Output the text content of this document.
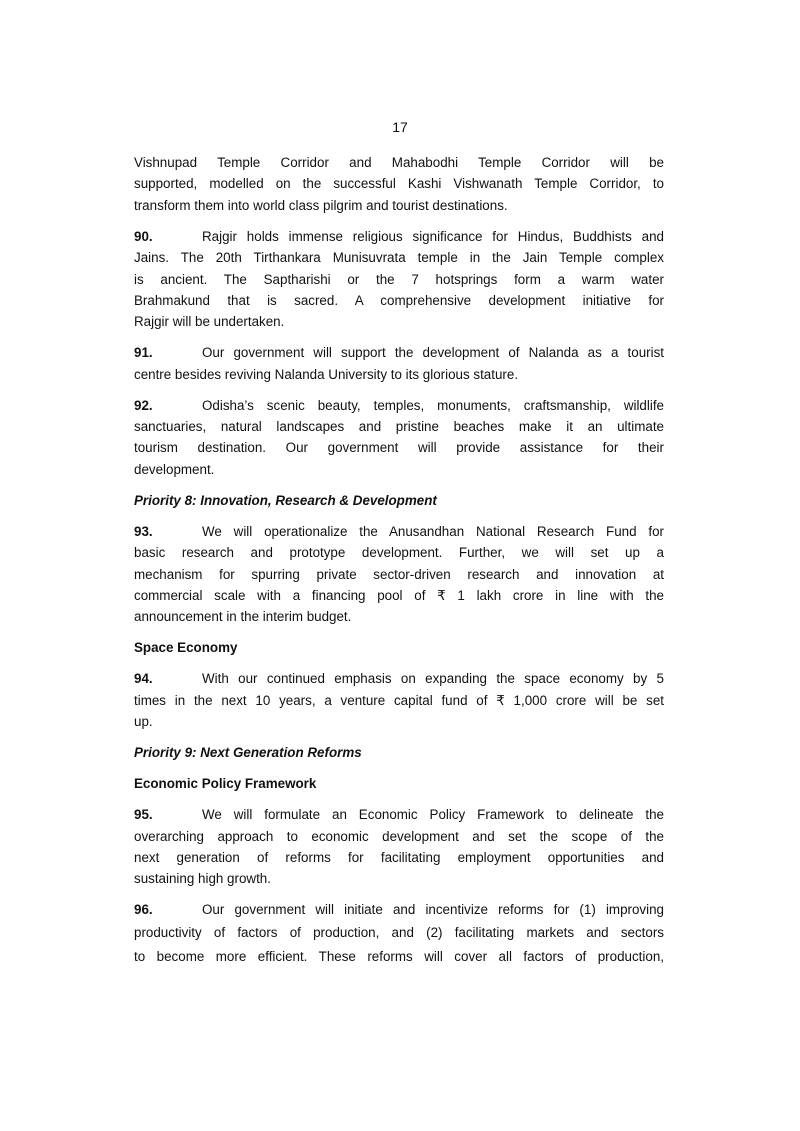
17
Vishnupad Temple Corridor and Mahabodhi Temple Corridor will be
supported, modelled on the successful Kashi Vishwanath Temple Corridor, to
transform them into world class pilgrim and tourist destinations.
90.	Rajgir holds immense religious significance for Hindus, Buddhists and
Jains. The 20th Tirthankara Munisuvrata temple in the Jain Temple complex
is ancient. The Saptharishi or the 7 hotsprings form a warm water
Brahmakund that is sacred. A comprehensive development initiative for
Rajgir will be undertaken.
91.	Our government will support the development of Nalanda as a tourist
centre besides reviving Nalanda University to its glorious stature.
92.	Odisha’s scenic beauty, temples, monuments, craftsmanship, wildlife
sanctuaries, natural landscapes and pristine beaches make it an ultimate
tourism destination. Our government will provide assistance for their
development.
Priority 8: Innovation, Research & Development
93.	We will operationalize the Anusandhan National Research Fund for
basic research and prototype development. Further, we will set up a
mechanism for spurring private sector-driven research and innovation at
commercial scale with a financing pool of ₹ 1 lakh crore in line with the
announcement in the interim budget.
Space Economy
94.	With our continued emphasis on expanding the space economy by 5
times in the next 10 years, a venture capital fund of ₹ 1,000 crore will be set
up.
Priority 9: Next Generation Reforms
Economic Policy Framework
95.	We will formulate an Economic Policy Framework to delineate the
overarching approach to economic development and set the scope of the
next generation of reforms for facilitating employment opportunities and
sustaining high growth.
96.	Our government will initiate and incentivize reforms for (1) improving
productivity of factors of production, and (2) facilitating markets and sectors
to become more efficient. These reforms will cover all factors of production,
